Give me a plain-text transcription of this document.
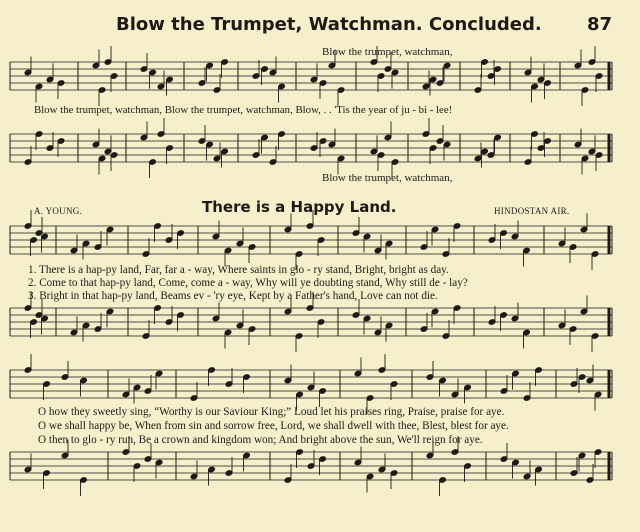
Blow the Trumpet, Watchman. Concluded.	87
Blow the trumpet, watchman,
Blow the trumpet, watchman, Blow the trumpet, watchman, Blow, . . 'Tis the year of ju - bi - lee!
Blow the trumpet, watchman,
A. YOUNG.	There is a Happy Land.	HINDOSTAN AIR.
1. There is a hap-py land, Far, far a - way, Where saints in glo - ry stand, Bright, bright as day.
2. Come to that hap-py land, Come, come a - way, Why will ye doubting stand, Why still de - lay?
3. Bright in that hap-py land, Beams ev - 'ry eye, Kept by a Father's hand, Love can not die.
O how they sweetly sing, “Worthy is our Saviour King;” Loud let his praises ring, Praise, praise for aye.
O we shall happy be, When from sin and sorrow free, Lord, we shall dwell with thee, Blest, blest for aye.
O then to glo - ry run, Be a crown and kingdom won; And bright above the sun, We'll reign for aye.
